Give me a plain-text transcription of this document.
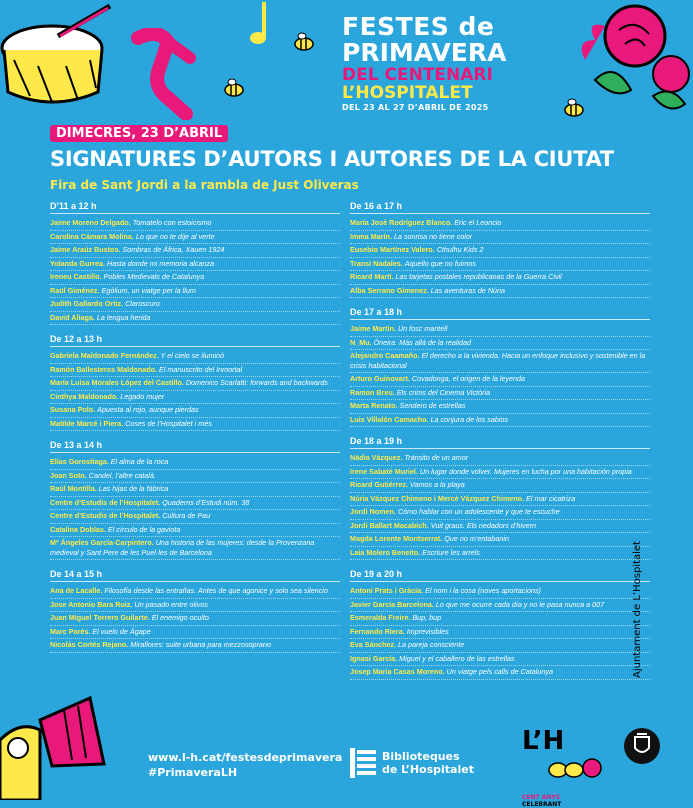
FESTES de
PRIMAVERA
DEL CENTENARI
L’HOSPITALET
DEL 23 AL 27 D’ABRIL DE 2025
DIMECRES, 23 D’ABRIL
SIGNATURES D’AUTORS I AUTORES DE LA CIUTAT
Fira de Sant Jordi a la rambla de Just Oliveras
D’11 a 12 h
Jaime Moreno Delgado. Tomatelo con estoicismo
Carolina Cámara Molina. Lo que no te dije al verte
Jaime Araúz Bustos. Sombras de África, Xauen 1924
Yolanda Gurrea. Hasta donde mi memoria alcanza
Ireneu Castillo. Pobles Medievals de Catalunya
Raül Giménez. Egòlium, un viatge per la llum
Judith Gallardo Ortiz. Claroscuro
David Aliaga. La lengua herida
De 12 a 13 h
Gabriela Maldonado Fernández. Y el cielo se iluminó
Ramón Ballesteros Maldonado. El manuscrito del Inmortal
María Luisa Morales López del Castillo. Domenico Scarlatti: forwards and backwards
Cinthya Maldonado. Legado mujer
Susana Polo. Apuesta al rojo, aunque pierdas
Matilde Marcé i Piera. Coses de l’Hospitalet i més
De 13 a 14 h
Elías Gorostiaga. El alma de la roca
Joan Soto. Candel, l’altre català.
Raúl Montilla. Las hijas de la fábrica
Centre d’Estudis de l’Hospitalet. Quaderns d’Estudi núm. 38
Centre d’Estudis de l’Hospitalet. Cultura de Pau
Catalina Doblas. El círculo de la gaviota
Mª Ángeles García-Carpintero. Una historia de las mujeres: desde la Provenzana medieval y Sant Pere de les Puel·les de Barcelona
De 14 a 15 h
Ana de Lacalle. Filosofía desde las entrañas. Antes de que agonice y solo sea silencio
Jose Antonio Bara Ruiz. Un pasado entre olivos
Juan Miguel Torrero Guilarte. El enemigo oculto
Marc Parés. El vuelo de Ágape
Nicolás Cortés Rejano. Miraflores: suite urbana para mezzosoprano
De 16 a 17 h
María José Rodríguez Blanco. Eric el Leoncio
Imma Marín. La sonrisa no tiene color
Eusebio Martínez Valero. Cthulhu Kids 2
Transi Nadales. Aquello que no fuimos
Ricard Martí. Las tarjetas postales republicanas de la Guerra Civil
Alba Serrano Gimenez. Las aventuras de Núria
De 17 a 18 h
Jaime Martín. Un fosc mantell
N_Mu. Òneira. Más allá de la realidad
Alejandro Caamaño. El derecho a la vivienda. Hacia un enfoque inclusivo y sostenible en la crisis habitacional
Arturo Guinovart. Covadonga, el origen de la leyenda
Ramon Breu. Els crims del Cinema Victòria
Marta Renato. Sendero de estrellas
Luis Villalón Camacho. La conjura de los sabios
De 18 a 19 h
Nàdia Vázquez. Tránsito de un amor
Irene Sabaté Muriel. Un lugar donde volver. Mujeres en lucha por una habitación propia
Ricard Gutiérrez. Vamos a la playa
Núria Vázquez Chimeno i Mercè Vázquez Chimeno. El mar cicatriza
Jordi Nomen. Cómo hablar con un adolescente y que te escuche
Jordi Ballart Macabich. Vuit graus. Els nedadors d’hivern
Magda Lorente Montserrat. Que no m’entabanin
Laia Molero Beneito. Escriure les arrels
De 19 a 20 h
Antoni Prats i Gràcia. El nom i la cosa (noves aportacions)
Javier García Barcelona. Lo que me ocurre cada día y no le pasa nunca a 007
Esmeralda Freire. Bup, bup
Fernando Riera. Imprevisibles
Eva Sánchez. La pareja consciente
Ignasi García. Miguel y el caballero de las estrellas
Josep Maria Casas Moreno. Un viatge pels calls de Catalunya
www.l-h.cat/festesdeprimavera
#PrimaveraLH
Biblioteques
de L’Hospitalet
L’H
CENT ANYS
CELEBRANT
Ajuntament de L’Hospitalet
